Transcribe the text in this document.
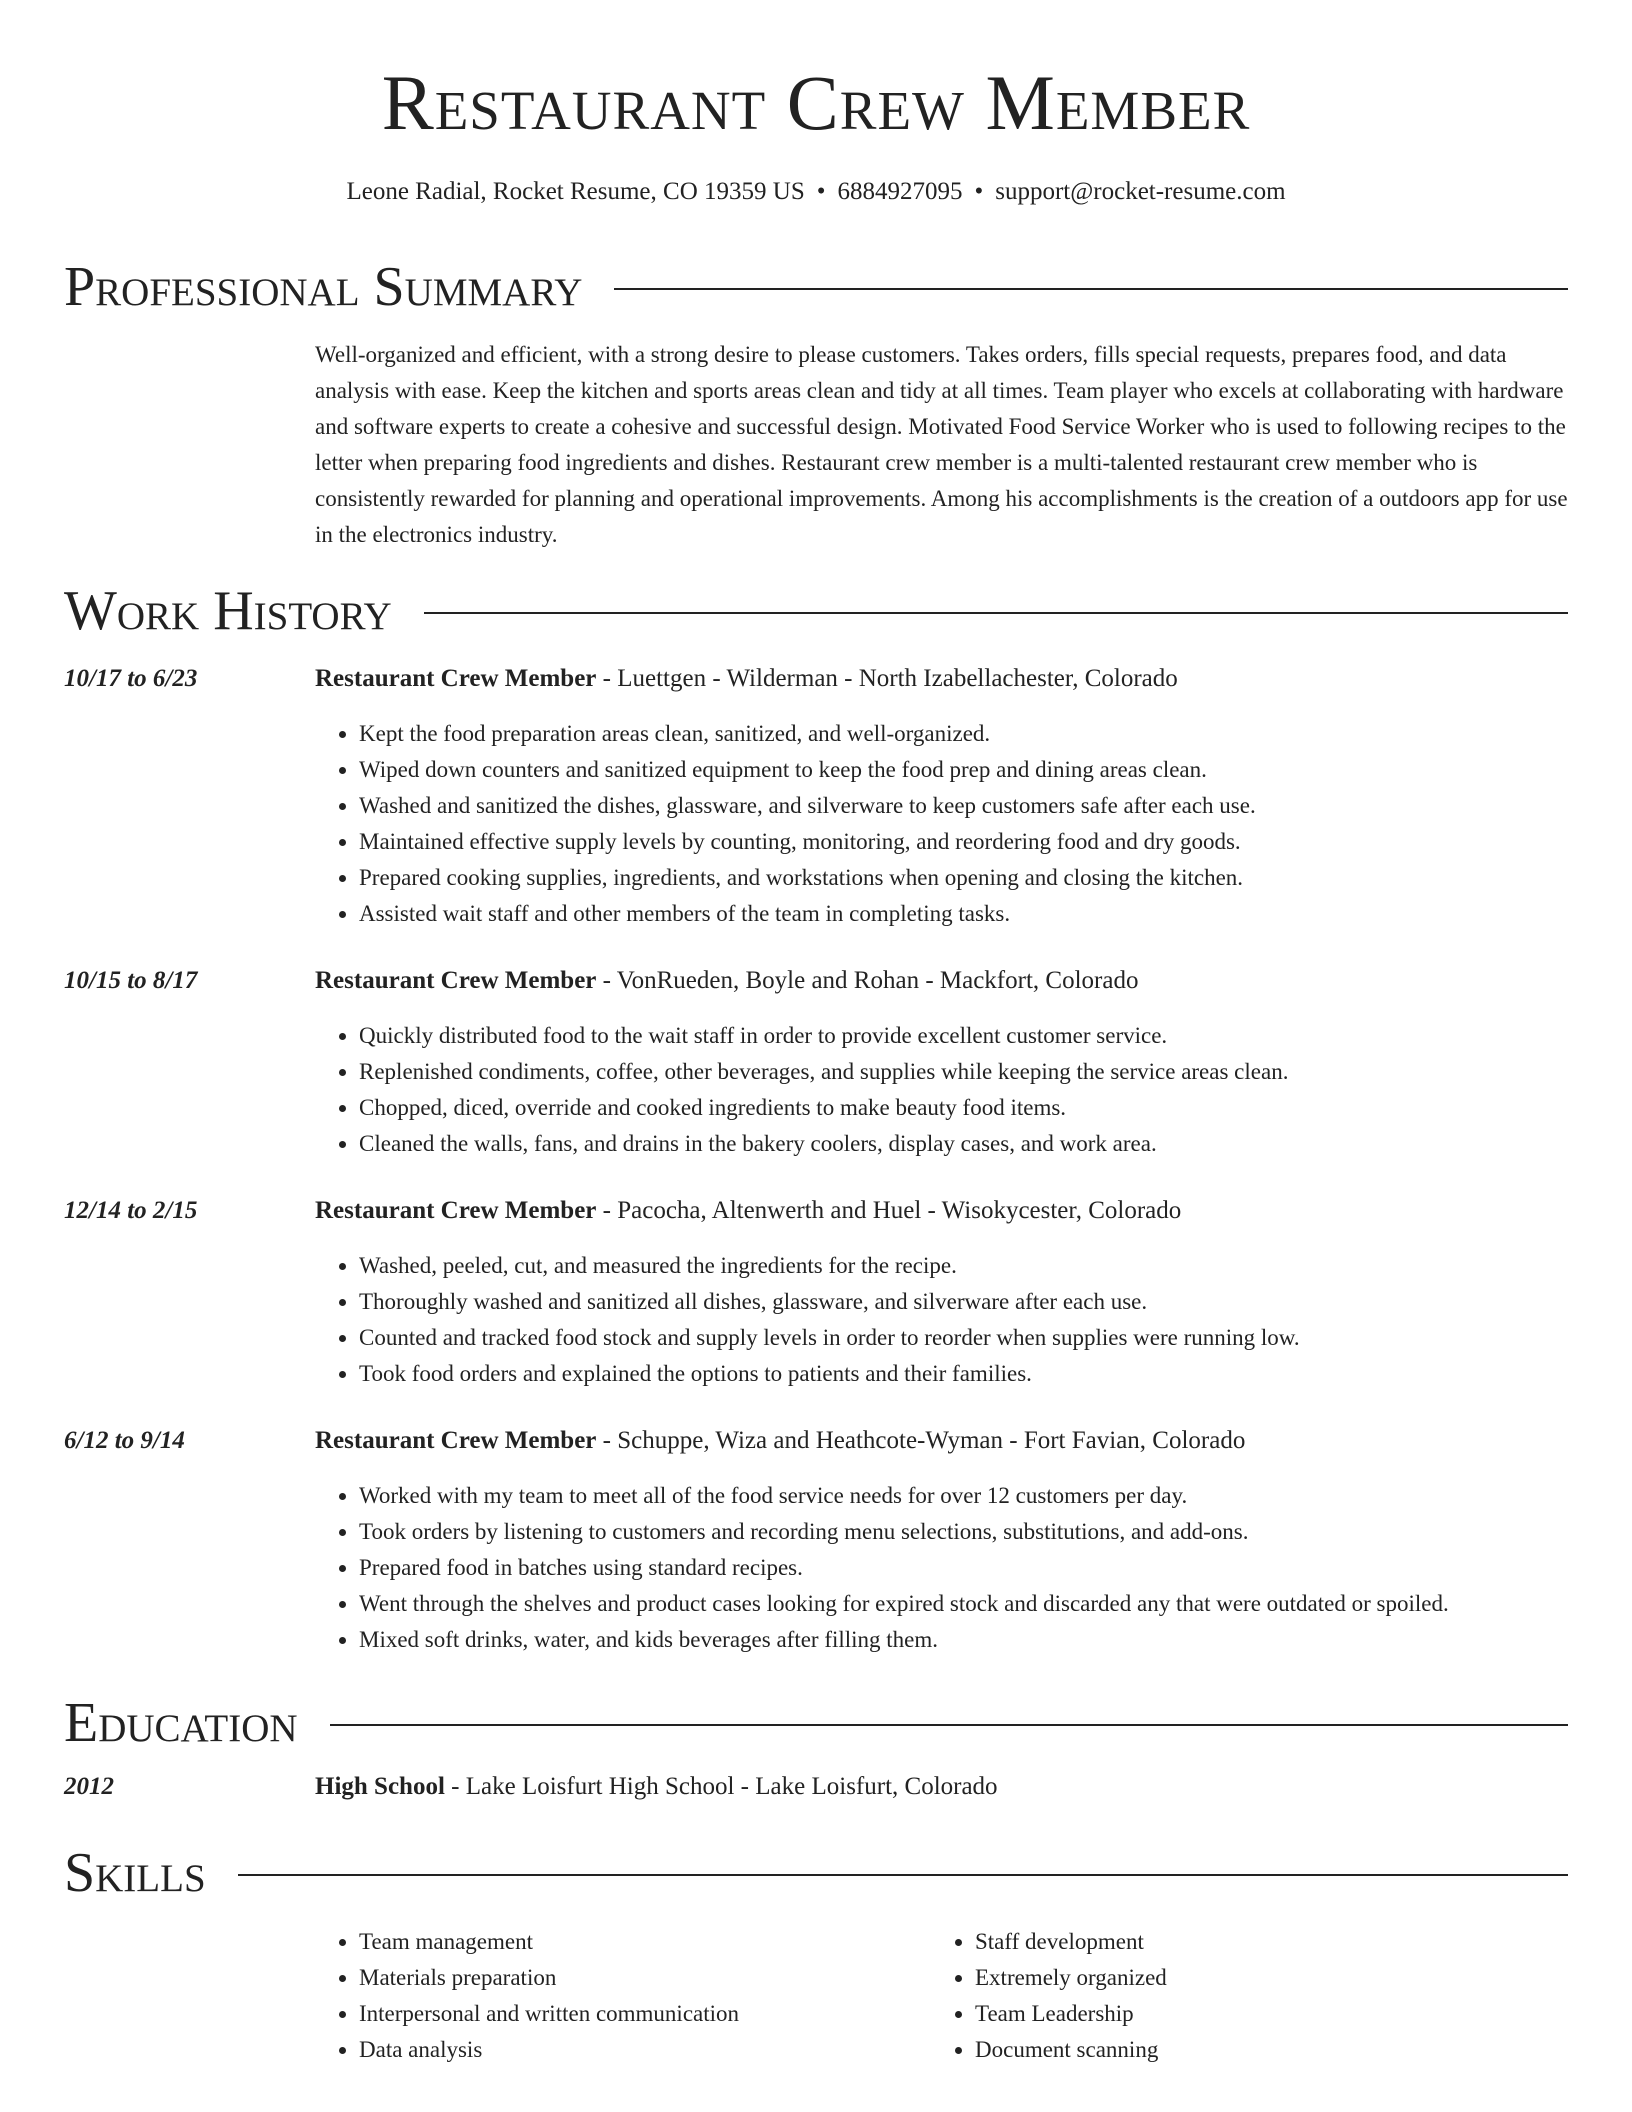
Restaurant Crew Member
Leone Radial, Rocket Resume, CO 19359 US • 6884927095 • support@rocket-resume.com
Professional Summary
Well-organized and efficient, with a strong desire to please customers. Takes orders, fills special requests, prepares food, and data analysis with ease. Keep the kitchen and sports areas clean and tidy at all times. Team player who excels at collaborating with hardware and software experts to create a cohesive and successful design. Motivated Food Service Worker who is used to following recipes to the letter when preparing food ingredients and dishes. Restaurant crew member is a multi-talented restaurant crew member who is consistently rewarded for planning and operational improvements. Among his accomplishments is the creation of a outdoors app for use in the electronics industry.
Work History
10/17 to 6/23	Restaurant Crew Member - Luettgen - Wilderman - North Izabellachester, Colorado
• Kept the food preparation areas clean, sanitized, and well-organized.
• Wiped down counters and sanitized equipment to keep the food prep and dining areas clean.
• Washed and sanitized the dishes, glassware, and silverware to keep customers safe after each use.
• Maintained effective supply levels by counting, monitoring, and reordering food and dry goods.
• Prepared cooking supplies, ingredients, and workstations when opening and closing the kitchen.
• Assisted wait staff and other members of the team in completing tasks.
10/15 to 8/17	Restaurant Crew Member - VonRueden, Boyle and Rohan - Mackfort, Colorado
• Quickly distributed food to the wait staff in order to provide excellent customer service.
• Replenished condiments, coffee, other beverages, and supplies while keeping the service areas clean.
• Chopped, diced, override and cooked ingredients to make beauty food items.
• Cleaned the walls, fans, and drains in the bakery coolers, display cases, and work area.
12/14 to 2/15	Restaurant Crew Member - Pacocha, Altenwerth and Huel - Wisokycester, Colorado
• Washed, peeled, cut, and measured the ingredients for the recipe.
• Thoroughly washed and sanitized all dishes, glassware, and silverware after each use.
• Counted and tracked food stock and supply levels in order to reorder when supplies were running low.
• Took food orders and explained the options to patients and their families.
6/12 to 9/14	Restaurant Crew Member - Schuppe, Wiza and Heathcote-Wyman - Fort Favian, Colorado
• Worked with my team to meet all of the food service needs for over 12 customers per day.
• Took orders by listening to customers and recording menu selections, substitutions, and add-ons.
• Prepared food in batches using standard recipes.
• Went through the shelves and product cases looking for expired stock and discarded any that were outdated or spoiled.
• Mixed soft drinks, water, and kids beverages after filling them.
Education
2012	High School - Lake Loisfurt High School - Lake Loisfurt, Colorado
Skills
• Team management
• Materials preparation
• Interpersonal and written communication
• Data analysis
• Staff development
• Extremely organized
• Team Leadership
• Document scanning
